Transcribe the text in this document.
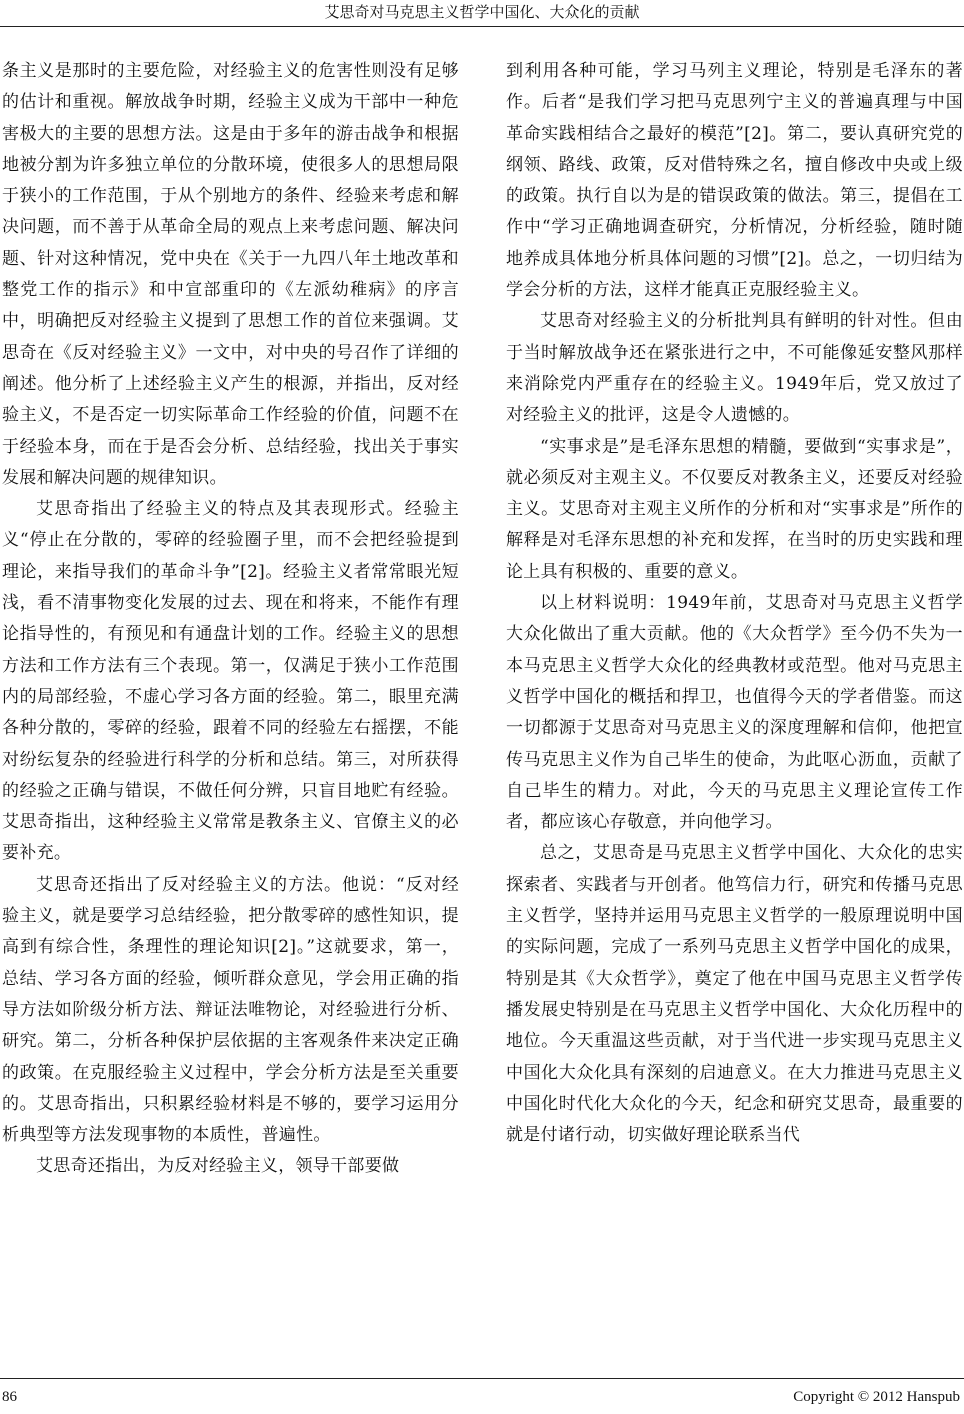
艾思奇对马克思主义哲学中国化、大众化的贡献

条主义是那时的主要危险，对经验主义的危害性则没有足够的估计和重视。解放战争时期，经验主义成为干部中一种危害极大的主要的思想方法。这是由于多年的游击战争和根据地被分割为许多独立单位的分散环境，使很多人的思想局限于狭小的工作范围，于从个别地方的条件、经验来考虑和解决问题，而不善于从革命全局的观点上来考虑问题、解决问题、针对这种情况，党中央在《关于一九四八年土地改革和整党工作的指示》和中宣部重印的《左派幼稚病》的序言中，明确把反对经验主义提到了思想工作的首位来强调。艾思奇在《反对经验主义》一文中，对中央的号召作了详细的阐述。他分析了上述经验主义产生的根源，并指出，反对经验主义，不是否定一切实际革命工作经验的价值，问题不在于经验本身，而在于是否会分析、总结经验，找出关于事实发展和解决问题的规律知识。

艾思奇指出了经验主义的特点及其表现形式。经验主义“停止在分散的，零碎的经验圈子里，而不会把经验提到理论，来指导我们的革命斗争”[2]。经验主义者常常眼光短浅，看不清事物变化发展的过去、现在和将来，不能作有理论指导性的，有预见和有通盘计划的工作。经验主义的思想方法和工作方法有三个表现。第一，仅满足于狭小工作范围内的局部经验，不虚心学习各方面的经验。第二，眼里充满各种分散的，零碎的经验，跟着不同的经验左右摇摆，不能对纷纭复杂的经验进行科学的分析和总结。第三，对所获得的经验之正确与错误，不做任何分辨，只盲目地贮有经验。艾思奇指出，这种经验主义常常是教条主义、官僚主义的必要补充。

艾思奇还指出了反对经验主义的方法。他说：“反对经验主义，就是要学习总结经验，把分散零碎的感性知识，提高到有综合性，条理性的理论知识[2]。”这就要求，第一，总结、学习各方面的经验，倾听群众意见，学会用正确的指导方法如阶级分析方法、辩证法唯物论，对经验进行分析、研究。第二，分析各种保护层依据的主客观条件来决定正确的政策。在克服经验主义过程中，学会分析方法是至关重要的。艾思奇指出，只积累经验材料是不够的，要学习运用分析典型等方法发现事物的本质性，普遍性。

艾思奇还指出，为反对经验主义，领导干部要做

到利用各种可能，学习马列主义理论，特别是毛泽东的著作。后者“是我们学习把马克思列宁主义的普遍真理与中国革命实践相结合之最好的模范”[2]。第二，要认真研究党的纲领、路线、政策，反对借特殊之名，擅自修改中央或上级的政策。执行自以为是的错误政策的做法。第三，提倡在工作中“学习正确地调查研究，分析情况，分析经验，随时随地养成具体地分析具体问题的习惯”[2]。总之，一切归结为学会分析的方法，这样才能真正克服经验主义。

艾思奇对经验主义的分析批判具有鲜明的针对性。但由于当时解放战争还在紧张进行之中，不可能像延安整风那样来消除党内严重存在的经验主义。1949年后，党又放过了对经验主义的批评，这是令人遗憾的。

“实事求是”是毛泽东思想的精髓，要做到“实事求是”，就必须反对主观主义。不仅要反对教条主义，还要反对经验主义。艾思奇对主观主义所作的分析和对“实事求是”所作的解释是对毛泽东思想的补充和发挥，在当时的历史实践和理论上具有积极的、重要的意义。

以上材料说明：1949年前，艾思奇对马克思主义哲学大众化做出了重大贡献。他的《大众哲学》至今仍不失为一本马克思主义哲学大众化的经典教材或范型。他对马克思主义哲学中国化的概括和捍卫，也值得今天的学者借鉴。而这一切都源于艾思奇对马克思主义的深度理解和信仰，他把宣传马克思主义作为自己毕生的使命，为此呕心沥血，贡献了自己毕生的精力。对此，今天的马克思主义理论宣传工作者，都应该心存敬意，并向他学习。

总之，艾思奇是马克思主义哲学中国化、大众化的忠实探索者、实践者与开创者。他笃信力行，研究和传播马克思主义哲学，坚持并运用马克思主义哲学的一般原理说明中国的实际问题，完成了一系列马克思主义哲学中国化的成果，特别是其《大众哲学》，奠定了他在中国马克思主义哲学传播发展史特别是在马克思主义哲学中国化、大众化历程中的地位。今天重温这些贡献，对于当代进一步实现马克思主义中国化大众化具有深刻的启迪意义。在大力推进马克思主义中国化时代化大众化的今天，纪念和研究艾思奇，最重要的就是付诸行动，切实做好理论联系当代

86	Copyright © 2012 Hanspub
